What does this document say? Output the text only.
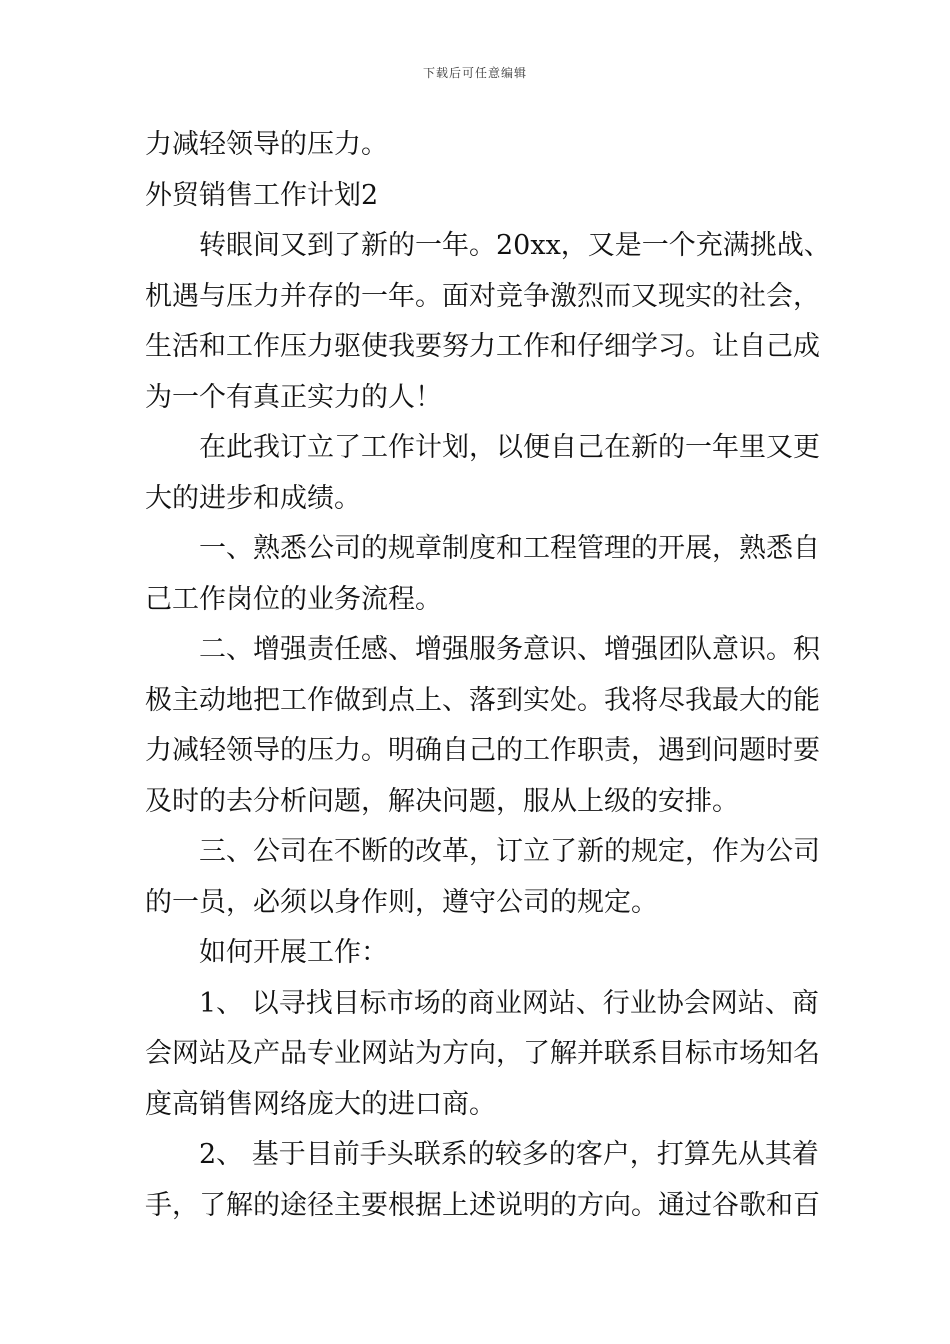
下载后可任意编辑
力减轻领导的压力。
外贸销售工作计划2
转眼间又到了新的一年。20xx，又是一个充满挑战、
机遇与压力并存的一年。面对竞争激烈而又现实的社会，
生活和工作压力驱使我要努力工作和仔细学习。让自己成
为一个有真正实力的人！
在此我订立了工作计划，以便自己在新的一年里又更
大的进步和成绩。
一、熟悉公司的规章制度和工程管理的开展，熟悉自
己工作岗位的业务流程。
二、增强责任感、增强服务意识、增强团队意识。积
极主动地把工作做到点上、落到实处。我将尽我最大的能
力减轻领导的压力。明确自己的工作职责，遇到问题时要
及时的去分析问题，解决问题，服从上级的安排。
三、公司在不断的改革，订立了新的规定，作为公司
的一员，必须以身作则，遵守公司的规定。
如何开展工作：
1、 以寻找目标市场的商业网站、行业协会网站、商
会网站及产品专业网站为方向，了解并联系目标市场知名
度高销售网络庞大的进口商。
2、 基于目前手头联系的较多的客户，打算先从其着
手，了解的途径主要根据上述说明的方向。通过谷歌和百
